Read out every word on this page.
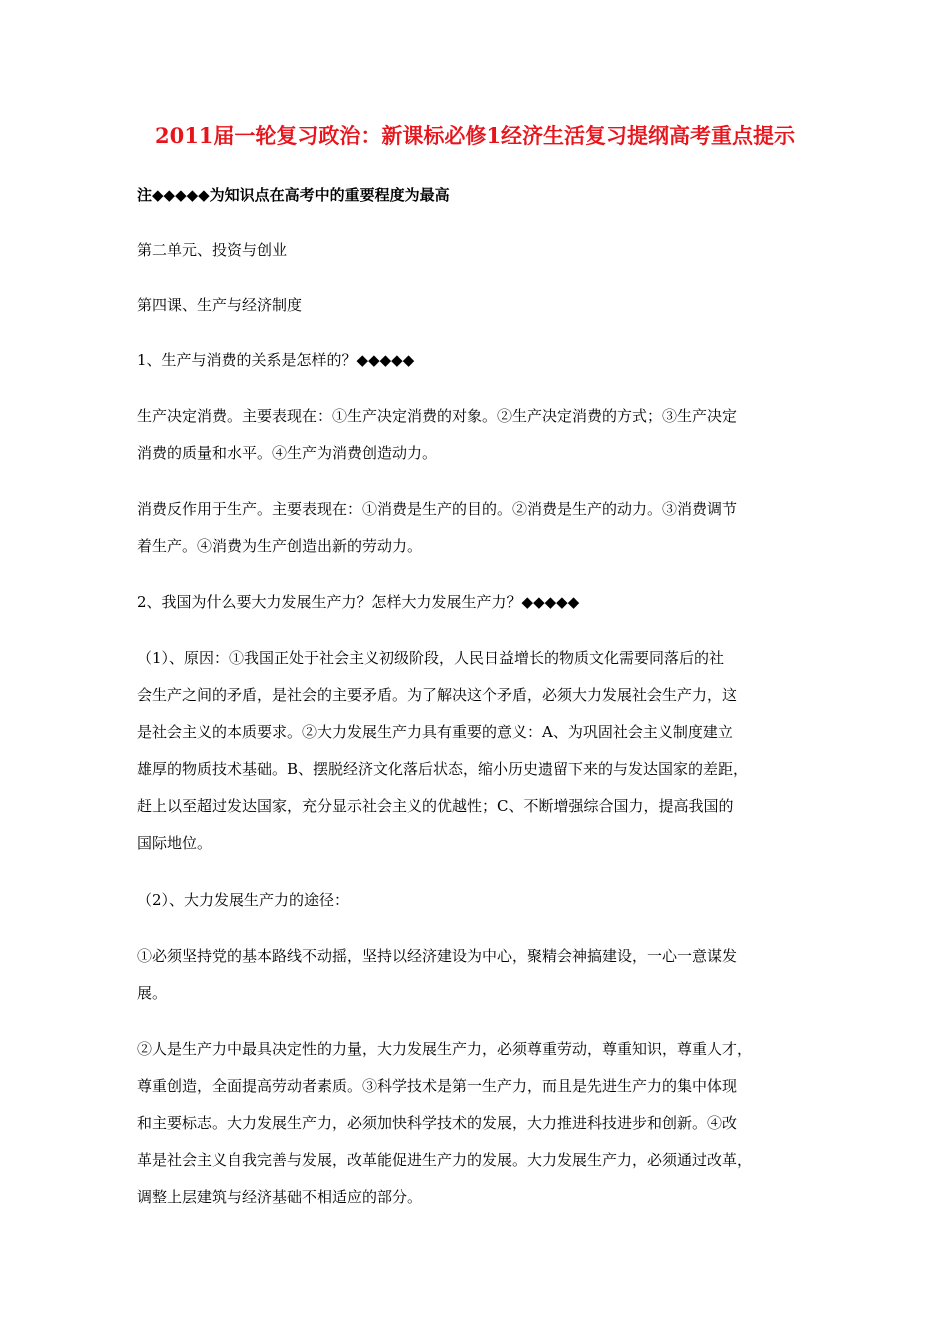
2011届一轮复习政治：新课标必修1经济生活复习提纲高考重点提示
注◆◆◆◆◆为知识点在高考中的重要程度为最高
第二单元、投资与创业
第四课、生产与经济制度
1、生产与消费的关系是怎样的？◆◆◆◆◆
生产决定消费。主要表现在：①生产决定消费的对象。②生产决定消费的方式；③生产决定
消费的质量和水平。④生产为消费创造动力。
消费反作用于生产。主要表现在：①消费是生产的目的。②消费是生产的动力。③消费调节
着生产。④消费为生产创造出新的劳动力。
2、我国为什么要大力发展生产力？怎样大力发展生产力？◆◆◆◆◆
（1）、原因：①我国正处于社会主义初级阶段，人民日益增长的物质文化需要同落后的社
会生产之间的矛盾，是社会的主要矛盾。为了解决这个矛盾，必须大力发展社会生产力，这
是社会主义的本质要求。②大力发展生产力具有重要的意义：A、为巩固社会主义制度建立
雄厚的物质技术基础。B、摆脱经济文化落后状态，缩小历史遗留下来的与发达国家的差距，
赶上以至超过发达国家，充分显示社会主义的优越性；C、不断增强综合国力，提高我国的
国际地位。
（2）、大力发展生产力的途径：
①必须坚持党的基本路线不动摇，坚持以经济建设为中心，聚精会神搞建设，一心一意谋发
展。
②人是生产力中最具决定性的力量，大力发展生产力，必须尊重劳动，尊重知识，尊重人才，
尊重创造，全面提高劳动者素质。③科学技术是第一生产力，而且是先进生产力的集中体现
和主要标志。大力发展生产力，必须加快科学技术的发展，大力推进科技进步和创新。④改
革是社会主义自我完善与发展，改革能促进生产力的发展。大力发展生产力，必须通过改革，
调整上层建筑与经济基础不相适应的部分。
